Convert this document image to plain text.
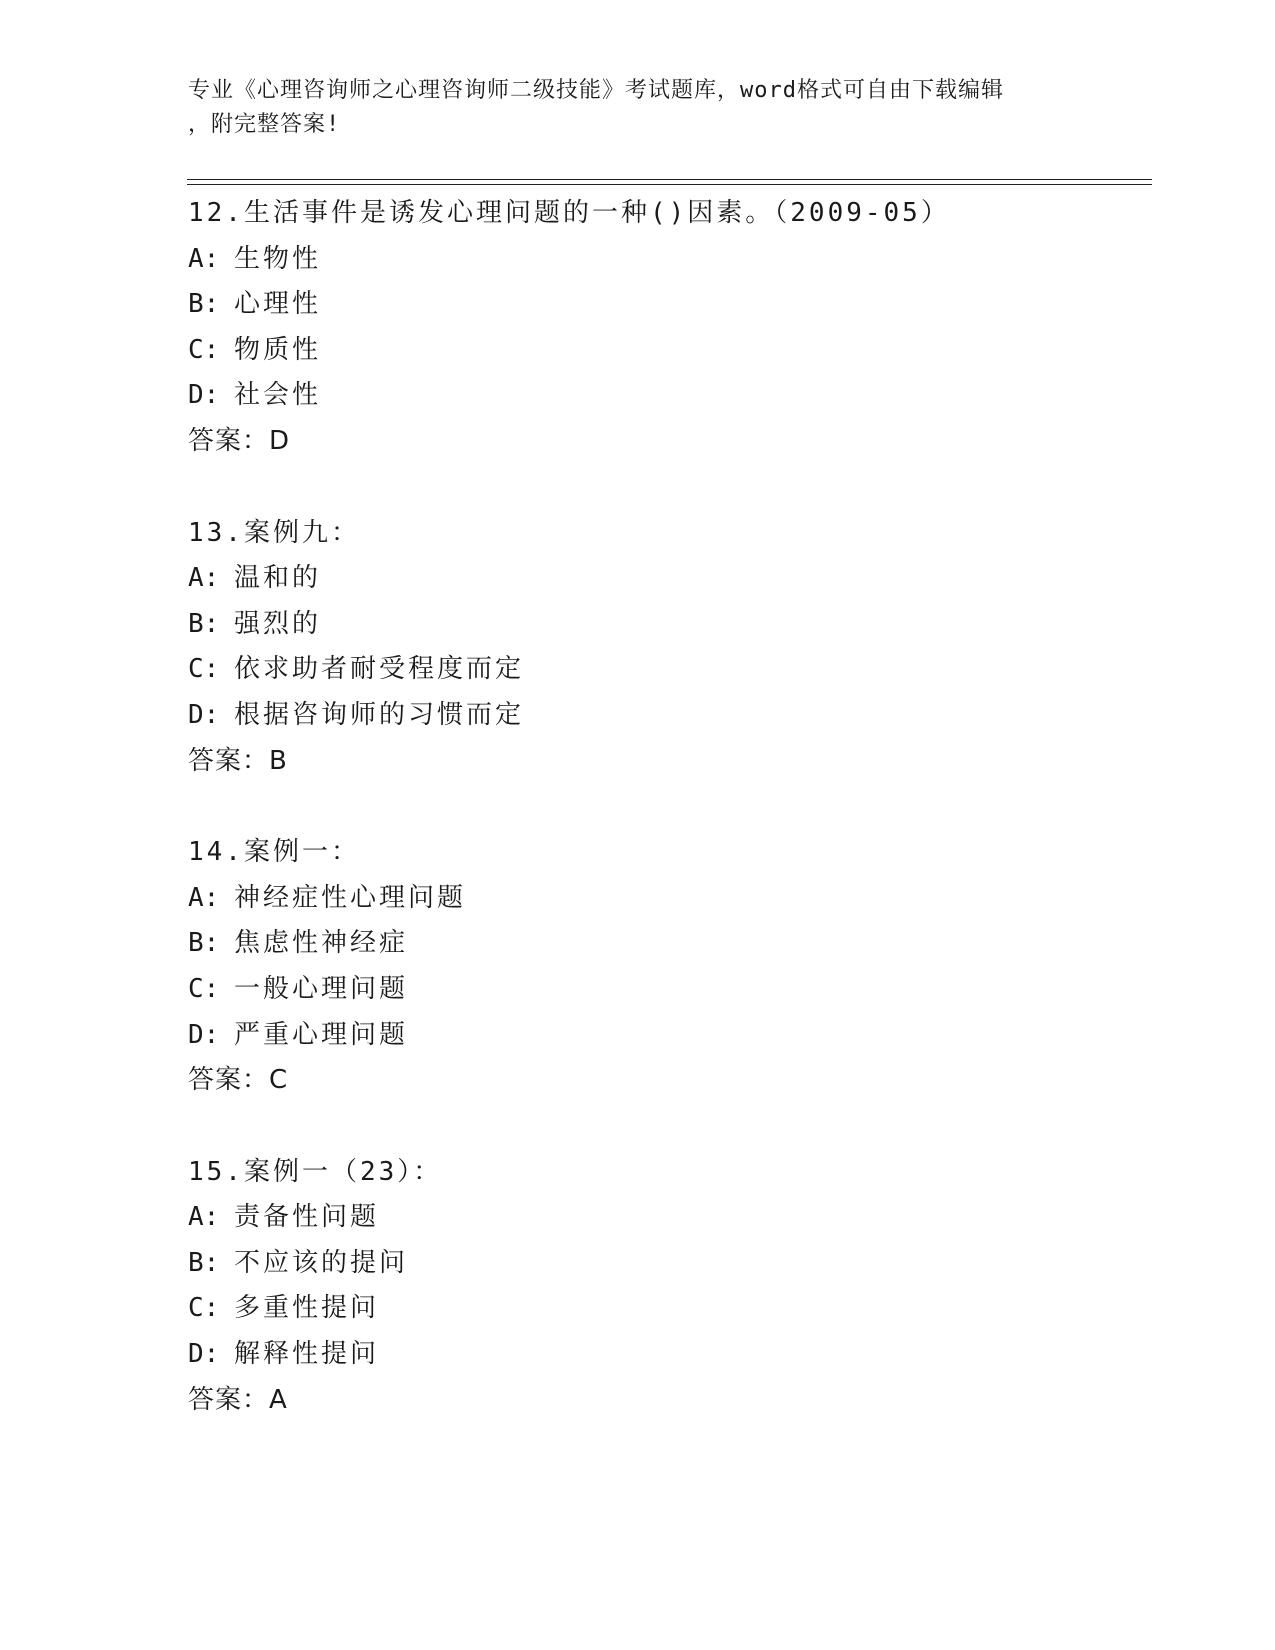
专业《心理咨询师之心理咨询师二级技能》考试题库，word格式可自由下载编辑
，附完整答案!
12.生活事件是诱发心理问题的一种()因素。（2009-05）
A: 生物性
B: 心理性
C: 物质性
D: 社会性
答案：D
13.案例九：
A: 温和的
B: 强烈的
C: 依求助者耐受程度而定
D: 根据咨询师的习惯而定
答案：B
14.案例一：
A: 神经症性心理问题
B: 焦虑性神经症
C: 一般心理问题
D: 严重心理问题
答案：C
15.案例一（23）：
A: 责备性问题
B: 不应该的提问
C: 多重性提问
D: 解释性提问
答案：A
